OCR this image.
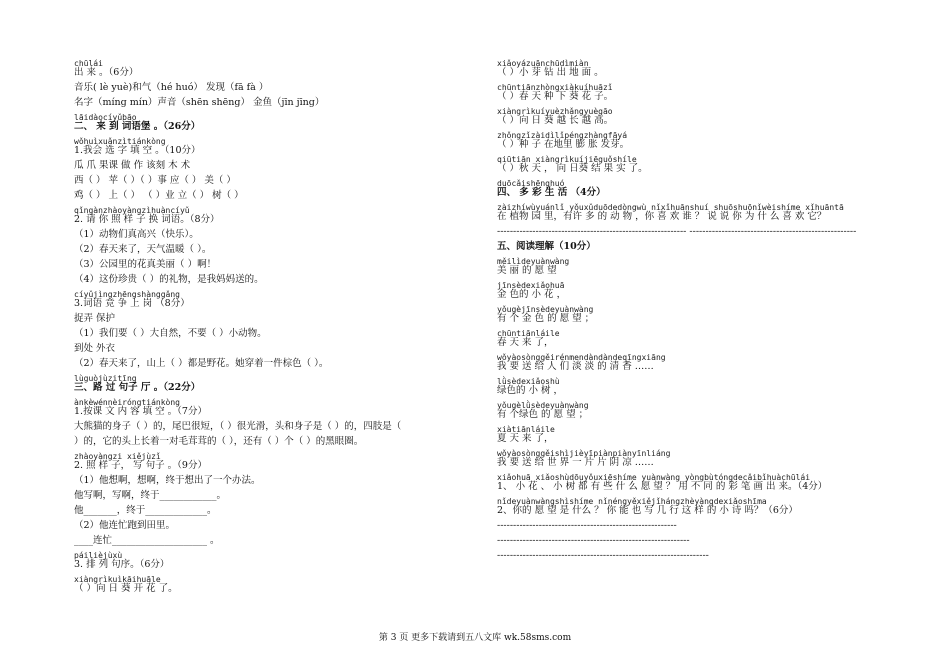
chūlái
出 来 。（6分）
音乐( lè yuè)和气（hé huó） 发现（fā fà ）
名字（míng mín）声音（shēn shēng） 金鱼（jīn jīng）
lāidàocíyǔbāo
二、 来 到 词语堡 。（26分）
wǒhuìxuǎnzìtiánkòng
1.我会 选 字 填 空 。（10分）
瓜 爪 果课 做 作 该刻 木 术
西（ ） 苹（ ）（ ）事 应（ ） 美（ ）
鸡（ ） 上（ ） （ ）业 立（ ） 树（ ）
qǐngànzhàoyàngzìhuàncíyǔ
2. 请 你 照 样 子 换 词语。（8分）
（1）动物们真高兴（快乐）。
（2）春天来了，天气温暖（ ）。
（3）公园里的花真美丽（ ）啊！
（4）这份珍贵（ ）的礼物，是我妈妈送的。
cíyǔjìngzhēngshànggǎng
3.词语 竞 争 上 岗 （8分）
捉弄 保护
（1）我们要（ ）大自然，不要（ ）小动物。
到处 外衣
（2）春天来了，山上（ ）都是野花。她穿着一件棕色（ ）。
lùguòjùzitīng
三、路 过 句子 厅 。（22分）
ànkèwénnèiróngtiánkòng
1.按课 文 内 容 填 空 。（7分）
大熊猫的身子（ ）的，尾巴很短，（ ）很光滑，头和身子是（ ）的，四肢是（
）的，它的头上长着一对毛茸茸的（ ），还有（ ）个（ ）的黑眼圈。
zhàoyàngzi xiějùzǐ
2. 照 样 子， 写 句子 。（9分）
（1）他想啊，想啊，终于想出了一个办法。
他写啊，写啊，终于____________。
他_______，终于_____________。
（2）他连忙跑到田里。
____连忙____________________ 。
páilièjùxù
3. 排 列 句序。（6分）
xiàngrìkuìkāihuāle
（ ）向 日 葵 开 花 了。
xiǎoyázuānchūdìmiàn
（ ）小 芽 钻 出 地 面 。
chūntiānzhòngxiàkuíhuāzǐ
（ ）春 天 种 下 葵 花 子。
xiàngrìkuíyuèzhǎngyuègāo
（ ）向 日 葵 越 长 越 高。
zhǒngzǐzàidìlǐpéngzhàngfāyá
（ ）种 子 在地里 膨 胀 发芽。
qiūtiān xiàngrìkuíjiēguǒshíle
（ ）秋 天 ， 向 日葵 结 果 实 了。
duōcǎishēnghuó
四、 多 彩 生 活 （4分）
zàizhíwùyuánlǐ yǒuxǔduōdedòngwù nǐxǐhuānshuí shuōshuōnǐwèishíme xǐhuāntā
在 植物 园 里，有许 多 的 动 物 ，你 喜 欢 谁 ？ 说 说 你 为 什 么 喜 欢 它？
----------------------------------------------------------- ----------------------------------------------------
五、阅读理解（10分）
měilìdeyuànwàng
美 丽 的 愿 望
jīnsèdexiǎohuā
金 色的 小 花 ，
yǒugèjīnsèdeyuànwàng
有 个 金 色 的 愿 望 ；
chūntiānláile
春 天 来 了，
wǒyàosònggěirénmendàndàndeqīngxiāng
我 要 送 给 人 们 淡 淡 的 清 香 ……
lǜsèdexiǎoshù
绿色的 小 树 ，
yǒugèlǜsèdeyuànwàng
有 个绿色 的 愿 望 ；
xiàtiānláile
夏 天 来 了，
wǒyàosònggěishìjièyīpiànpiànyīnliáng
我 要 送 给 世 界 一 片 片 阴 凉 ……
xiǎohuā xiǎoshùdōuyǒuxiēshíme yuànwàng yòngbùtóngdecǎibǐhuàchūlái
1、 小 花 、 小 树 都 有 些 什 么 愿 望 ？ 用 不 同 的 彩 笔 画 出 来。（4分）
nǐdeyuànwàngshìshíme nǐnéngyěxiějǐhángzhèyàngdexiǎoshīma
2、你的 愿 望 是 什么 ？ 你 能 也 写 几 行 这 样 的 小 诗 吗？（6分）
--------------------------------------------------------
------------------------------------------------------------
------------------------------------------------------------------
第 3 页 更多下载请到五八文库 wk.58sms.com
